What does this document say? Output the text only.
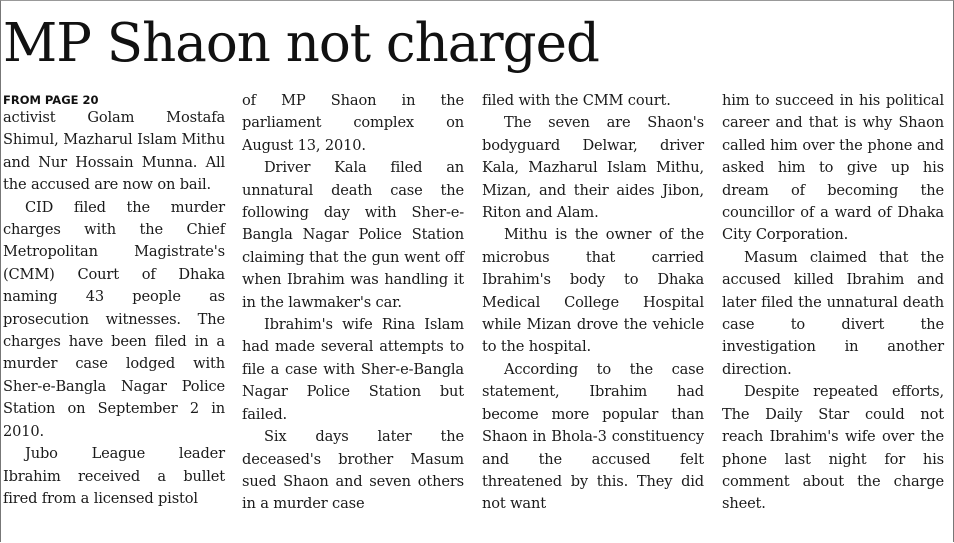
MP Shaon not charged
FROM PAGE 20

activist Golam Mostafa Shimul, Mazharul Islam Mithu and Nur Hossain Munna. All the accused are now on bail.

CID filed the murder charges with the Chief Metropolitan Magistrate's (CMM) Court of Dhaka naming 43 people as prosecution witnesses. The charges have been filed in a murder case lodged with Sher-e-Bangla Nagar Police Station on September 2 in 2010.

Jubo League leader Ibrahim received a bullet fired from a licensed pistol

of MP Shaon in the parliament complex on August 13, 2010.

Driver Kala filed an unnatural death case the following day with Sher-e-Bangla Nagar Police Station claiming that the gun went off when Ibrahim was handling it in the lawmaker's car.

Ibrahim's wife Rina Islam had made several attempts to file a case with Sher-e-Bangla Nagar Police Station but failed.

Six days later the deceased's brother Masum sued Shaon and seven others in a murder case

filed with the CMM court.

The seven are Shaon's bodyguard Delwar, driver Kala, Mazharul Islam Mithu, Mizan, and their aides Jibon, Riton and Alam.

Mithu is the owner of the microbus that carried Ibrahim's body to Dhaka Medical College Hospital while Mizan drove the vehicle to the hospital.

According to the case statement, Ibrahim had become more popular than Shaon in Bhola-3 constituency and the accused felt threatened by this. They did not want

him to succeed in his political career and that is why Shaon called him over the phone and asked him to give up his dream of becoming the councillor of a ward of Dhaka City Corporation.

Masum claimed that the accused killed Ibrahim and later filed the unnatural death case to divert the investigation in another direction.

Despite repeated efforts, The Daily Star could not reach Ibrahim's wife over the phone last night for his comment about the charge sheet.
